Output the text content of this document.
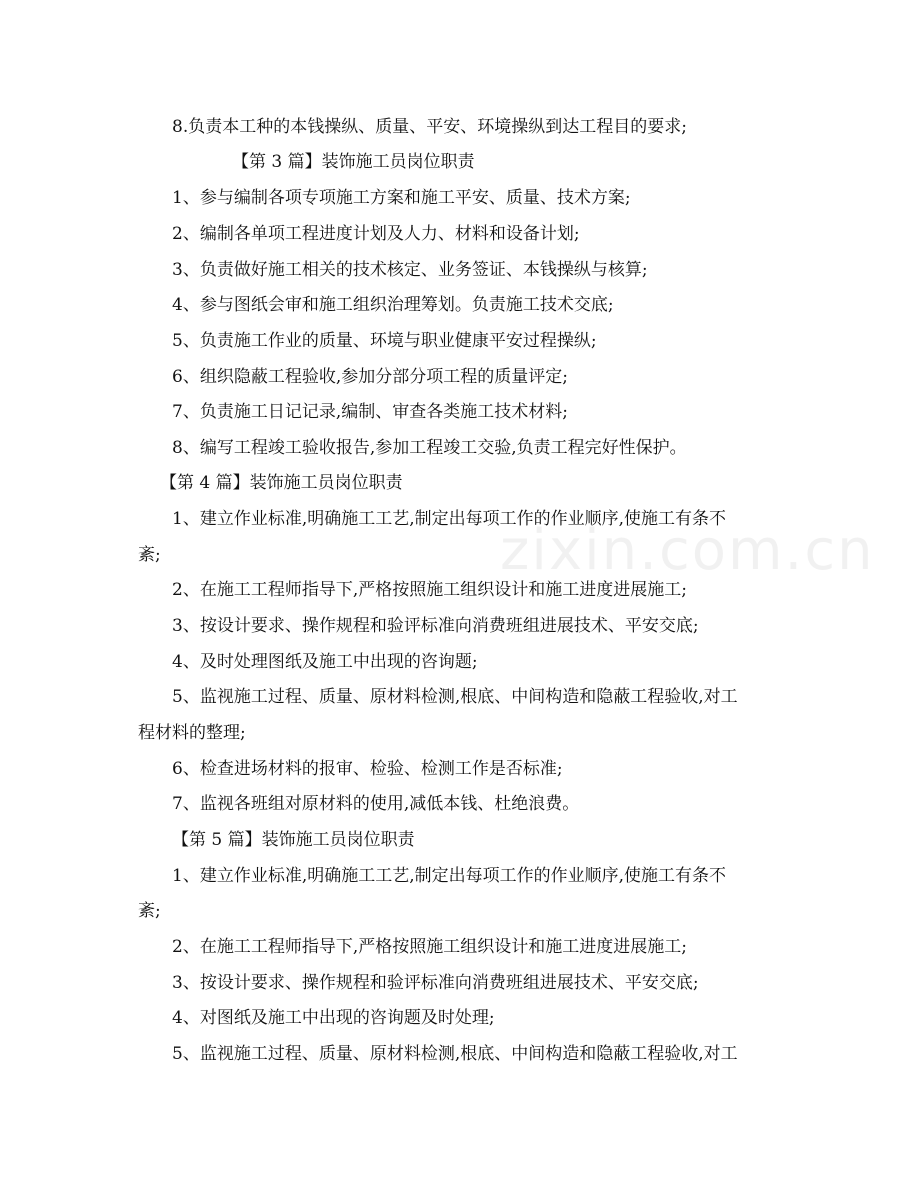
zixin.com.cn
8.负责本工种的本钱操纵、质量、平安、环境操纵到达工程目的要求;
【第 3 篇】装饰施工员岗位职责
1、参与编制各项专项施工方案和施工平安、质量、技术方案;
2、编制各单项工程进度计划及人力、材料和设备计划;
3、负责做好施工相关的技术核定、业务签证、本钱操纵与核算;
4、参与图纸会审和施工组织治理筹划。负责施工技术交底;
5、负责施工作业的质量、环境与职业健康平安过程操纵;
6、组织隐蔽工程验收,参加分部分项工程的质量评定;
7、负责施工日记记录,编制、审查各类施工技术材料;
8、编写工程竣工验收报告,参加工程竣工交验,负责工程完好性保护。
【第 4 篇】装饰施工员岗位职责
1、建立作业标准,明确施工工艺,制定出每项工作的作业顺序,使施工有条不
紊;
2、在施工工程师指导下,严格按照施工组织设计和施工进度进展施工;
3、按设计要求、操作规程和验评标准向消费班组进展技术、平安交底;
4、及时处理图纸及施工中出现的咨询题;
5、监视施工过程、质量、原材料检测,根底、中间构造和隐蔽工程验收,对工
程材料的整理;
6、检查进场材料的报审、检验、检测工作是否标准;
7、监视各班组对原材料的使用,减低本钱、杜绝浪费。
【第 5 篇】装饰施工员岗位职责
1、建立作业标准,明确施工工艺,制定出每项工作的作业顺序,使施工有条不
紊;
2、在施工工程师指导下,严格按照施工组织设计和施工进度进展施工;
3、按设计要求、操作规程和验评标准向消费班组进展技术、平安交底;
4、对图纸及施工中出现的咨询题及时处理;
5、监视施工过程、质量、原材料检测,根底、中间构造和隐蔽工程验收,对工
